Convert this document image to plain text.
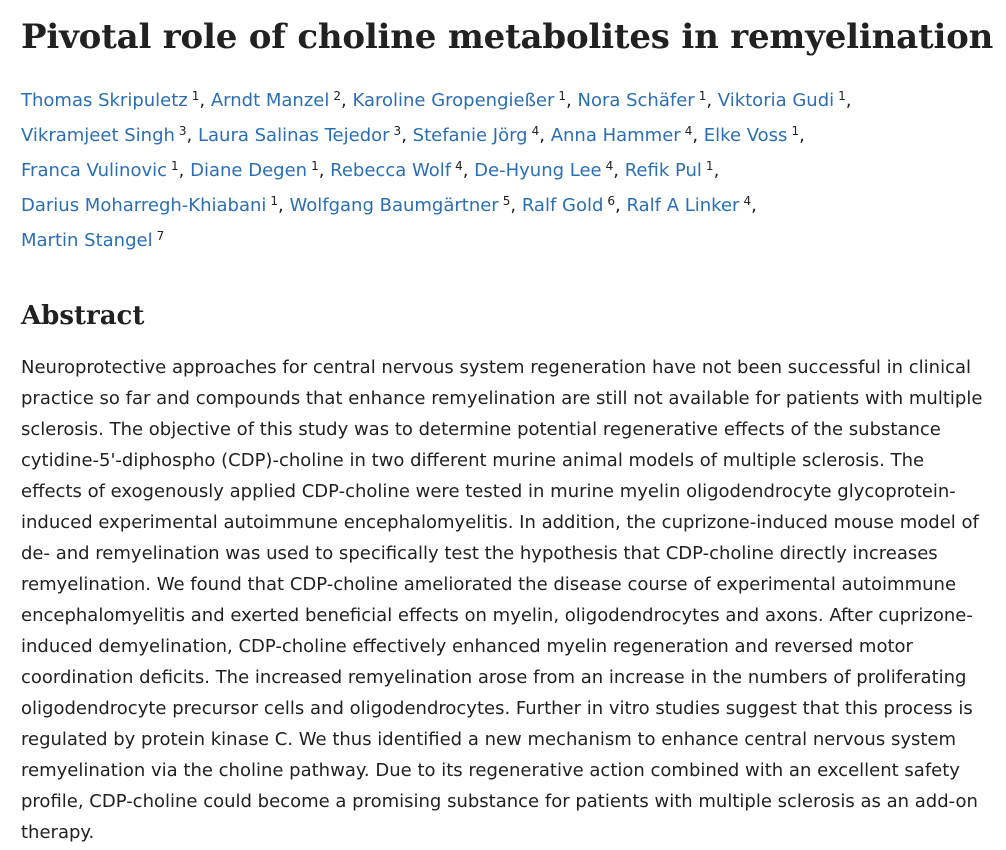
Pivotal role of choline metabolites in remyelination
Thomas Skripuletz $^1$, Arndt Manzel $^2$, Karoline Gropengießer $^1$, Nora Schäfer $^1$, Viktoria Gudi $^1$,
Vikramjeet Singh $^3$, Laura Salinas Tejedor $^3$, Stefanie Jörg $^4$, Anna Hammer $^4$, Elke Voss $^1$,
Franca Vulinovic $^1$, Diane Degen $^1$, Rebecca Wolf $^4$, De-Hyung Lee $^4$, Refik Pul $^1$,
Darius Moharregh-Khiabani $^1$, Wolfgang Baumgärtner $^5$, Ralf Gold $^6$, Ralf A Linker $^4$,
Martin Stangel $^7$
Abstract

Neuroprotective approaches for central nervous system regeneration have not been successful in clinical practice so far and compounds that enhance remyelination are still not available for patients with multiple sclerosis. The objective of this study was to determine potential regenerative effects of the substance cytidine-5'-diphospho (CDP)-choline in two different murine animal models of multiple sclerosis. The effects of exogenously applied CDP-choline were tested in murine myelin oligodendrocyte glycoprotein-induced experimental autoimmune encephalomyelitis. In addition, the cuprizone-induced mouse model of de- and remyelination was used to specifically test the hypothesis that CDP-choline directly increases remyelination. We found that CDP-choline ameliorated the disease course of experimental autoimmune encephalomyelitis and exerted beneficial effects on myelin, oligodendrocytes and axons. After cuprizone-induced demyelination, CDP-choline effectively enhanced myelin regeneration and reversed motor coordination deficits. The increased remyelination arose from an increase in the numbers of proliferating oligodendrocyte precursor cells and oligodendrocytes. Further in vitro studies suggest that this process is regulated by protein kinase C. We thus identified a new mechanism to enhance central nervous system remyelination via the choline pathway. Due to its regenerative action combined with an excellent safety profile, CDP-choline could become a promising substance for patients with multiple sclerosis as an add-on therapy.
